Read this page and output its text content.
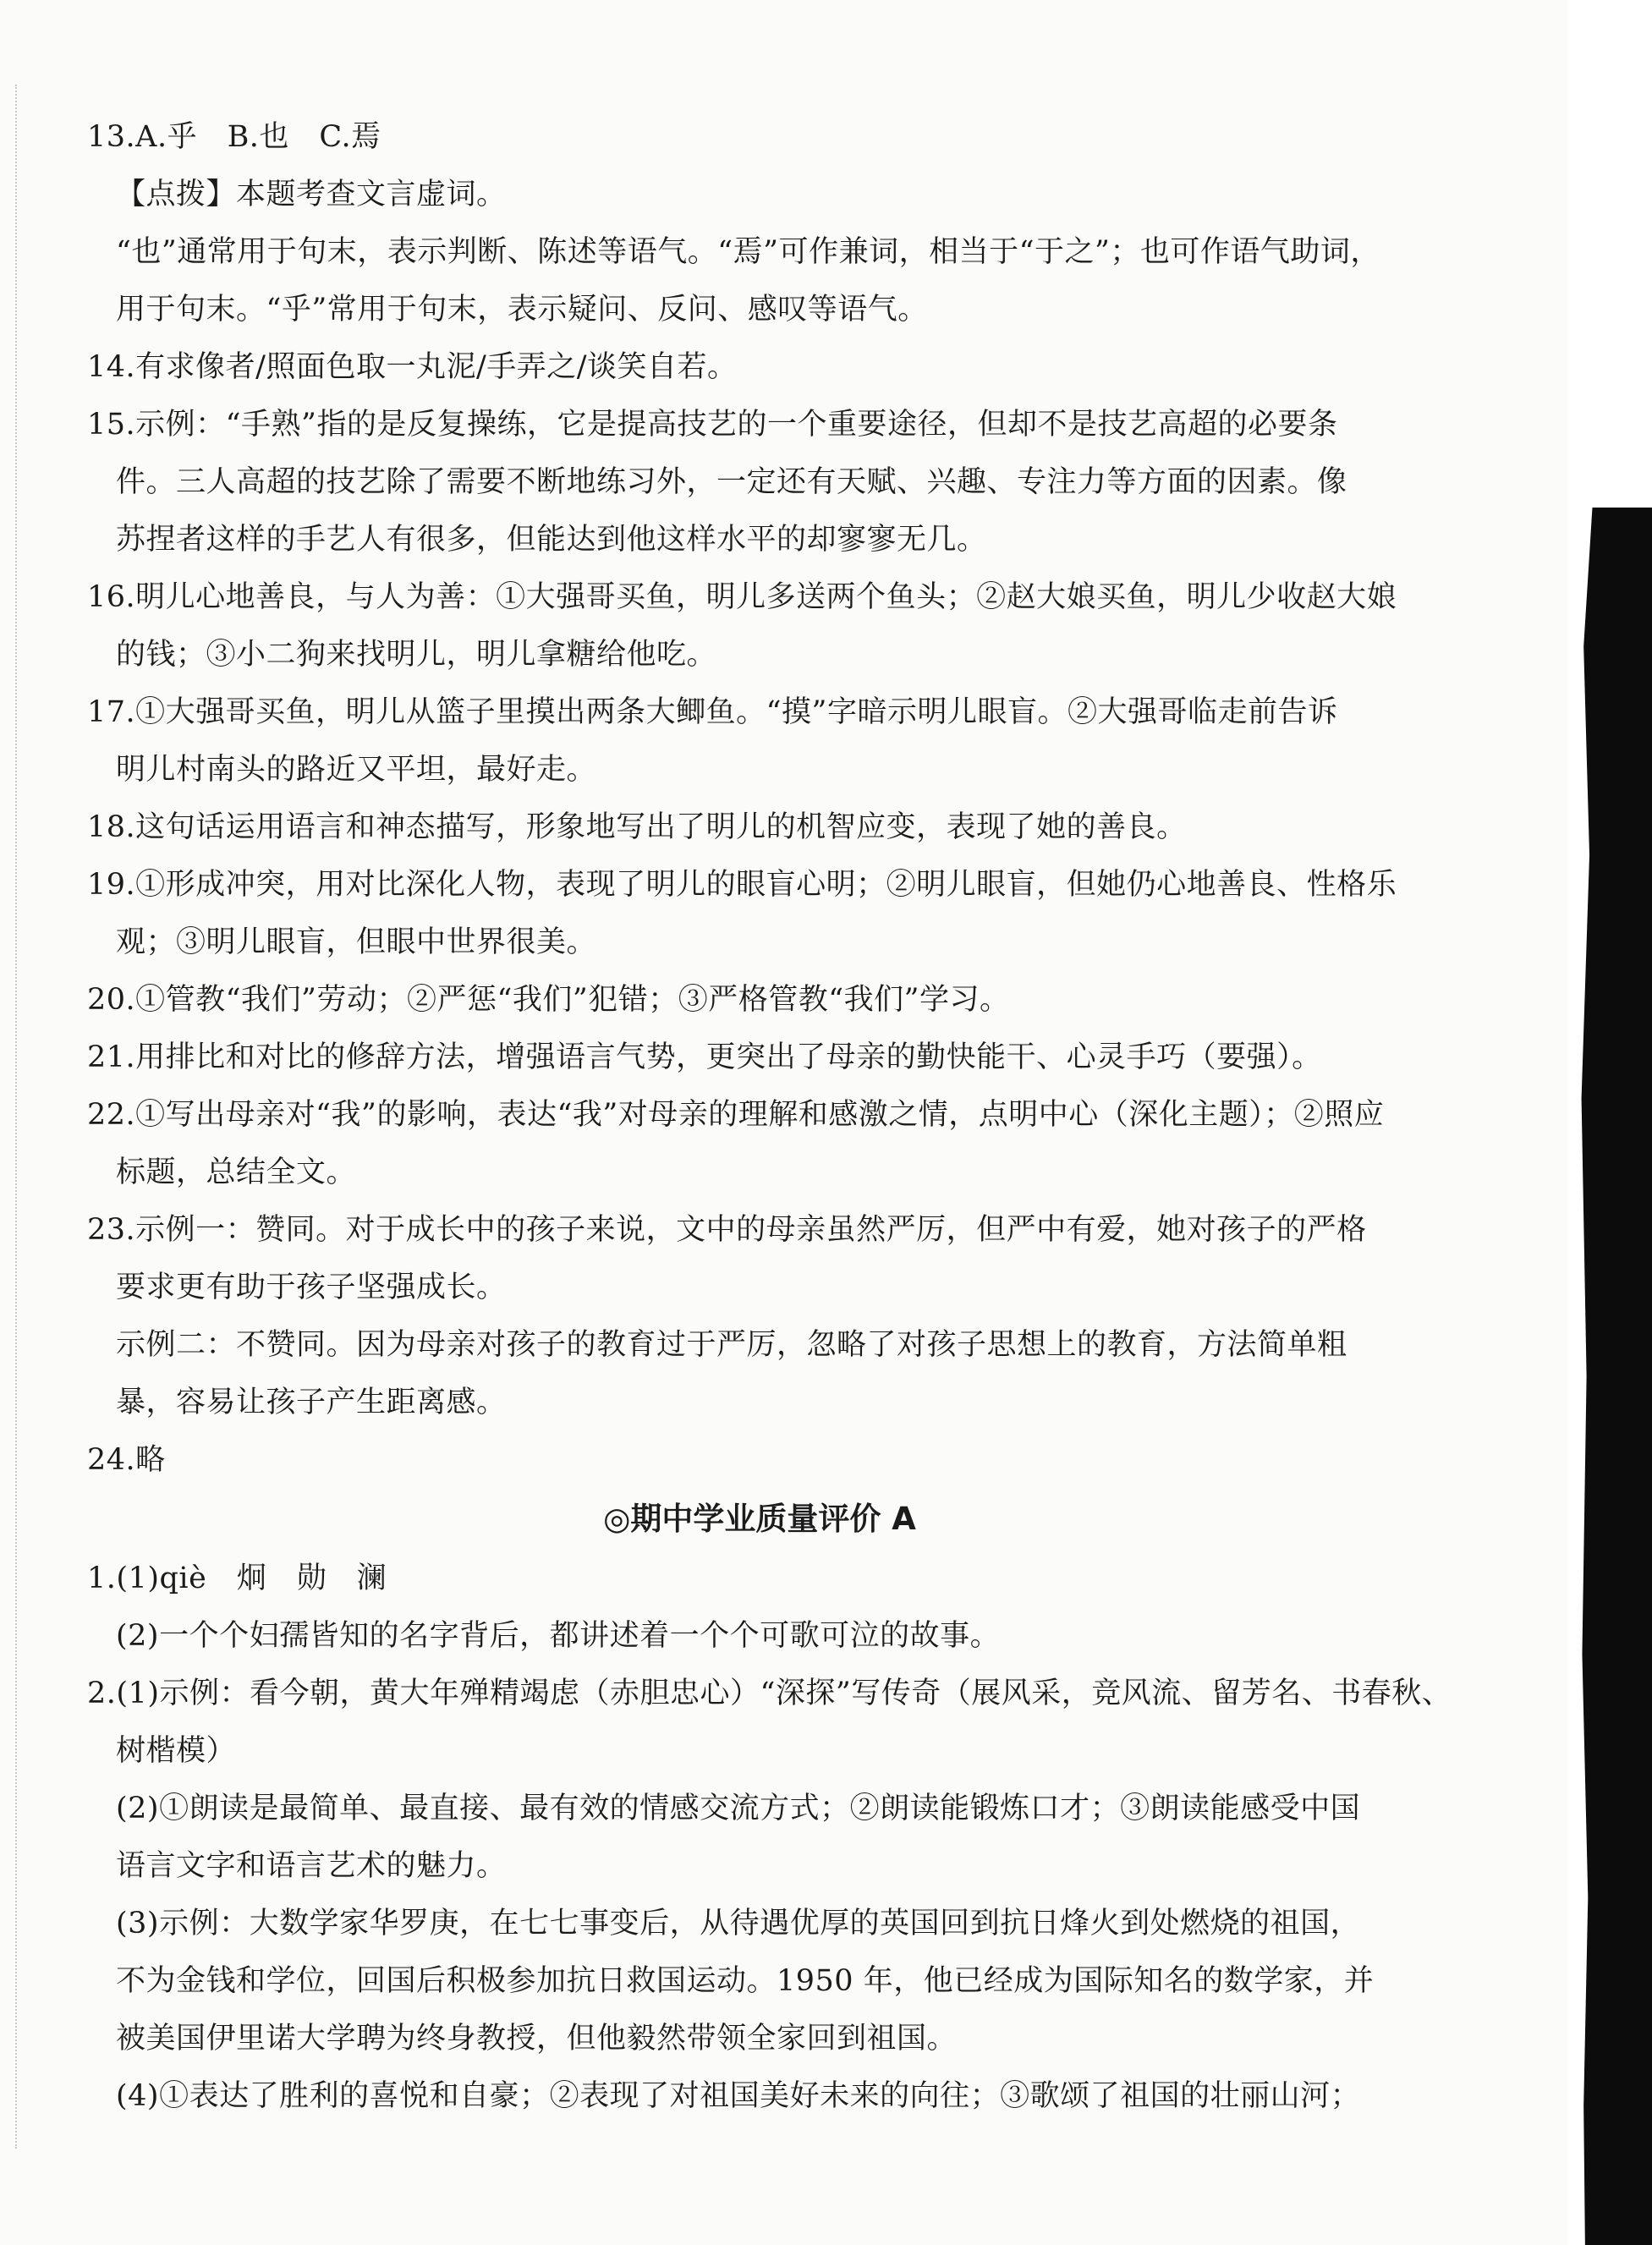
13.A.乎　B.也　C.焉
【点拨】本题考查文言虚词。
“也”通常用于句末，表示判断、陈述等语气。“焉”可作兼词，相当于“于之”；也可作语气助词，
用于句末。“乎”常用于句末，表示疑问、反问、感叹等语气。
14.有求像者/照面色取一丸泥/手弄之/谈笑自若。
15.示例：“手熟”指的是反复操练，它是提高技艺的一个重要途径，但却不是技艺高超的必要条
件。三人高超的技艺除了需要不断地练习外，一定还有天赋、兴趣、专注力等方面的因素。像
苏捏者这样的手艺人有很多，但能达到他这样水平的却寥寥无几。
16.明儿心地善良，与人为善：①大强哥买鱼，明儿多送两个鱼头；②赵大娘买鱼，明儿少收赵大娘
的钱；③小二狗来找明儿，明儿拿糖给他吃。
17.①大强哥买鱼，明儿从篮子里摸出两条大鲫鱼。“摸”字暗示明儿眼盲。②大强哥临走前告诉
明儿村南头的路近又平坦，最好走。
18.这句话运用语言和神态描写，形象地写出了明儿的机智应变，表现了她的善良。
19.①形成冲突，用对比深化人物，表现了明儿的眼盲心明；②明儿眼盲，但她仍心地善良、性格乐
观；③明儿眼盲，但眼中世界很美。
20.①管教“我们”劳动；②严惩“我们”犯错；③严格管教“我们”学习。
21.用排比和对比的修辞方法，增强语言气势，更突出了母亲的勤快能干、心灵手巧（要强）。
22.①写出母亲对“我”的影响，表达“我”对母亲的理解和感激之情，点明中心（深化主题）；②照应
标题，总结全文。
23.示例一：赞同。对于成长中的孩子来说，文中的母亲虽然严厉，但严中有爱，她对孩子的严格
要求更有助于孩子坚强成长。
示例二：不赞同。因为母亲对孩子的教育过于严厉，忽略了对孩子思想上的教育，方法简单粗
暴，容易让孩子产生距离感。
24.略
◎期中学业质量评价 A
1.(1)qiè　炯　勋　澜
(2)一个个妇孺皆知的名字背后，都讲述着一个个可歌可泣的故事。
2.(1)示例：看今朝，黄大年殚精竭虑（赤胆忠心）“深探”写传奇（展风采，竞风流、留芳名、书春秋、
树楷模）
(2)①朗读是最简单、最直接、最有效的情感交流方式；②朗读能锻炼口才；③朗读能感受中国
语言文字和语言艺术的魅力。
(3)示例：大数学家华罗庚，在七七事变后，从待遇优厚的英国回到抗日烽火到处燃烧的祖国，
不为金钱和学位，回国后积极参加抗日救国运动。1950 年，他已经成为国际知名的数学家，并
被美国伊里诺大学聘为终身教授，但他毅然带领全家回到祖国。
(4)①表达了胜利的喜悦和自豪；②表现了对祖国美好未来的向往；③歌颂了祖国的壮丽山河；
